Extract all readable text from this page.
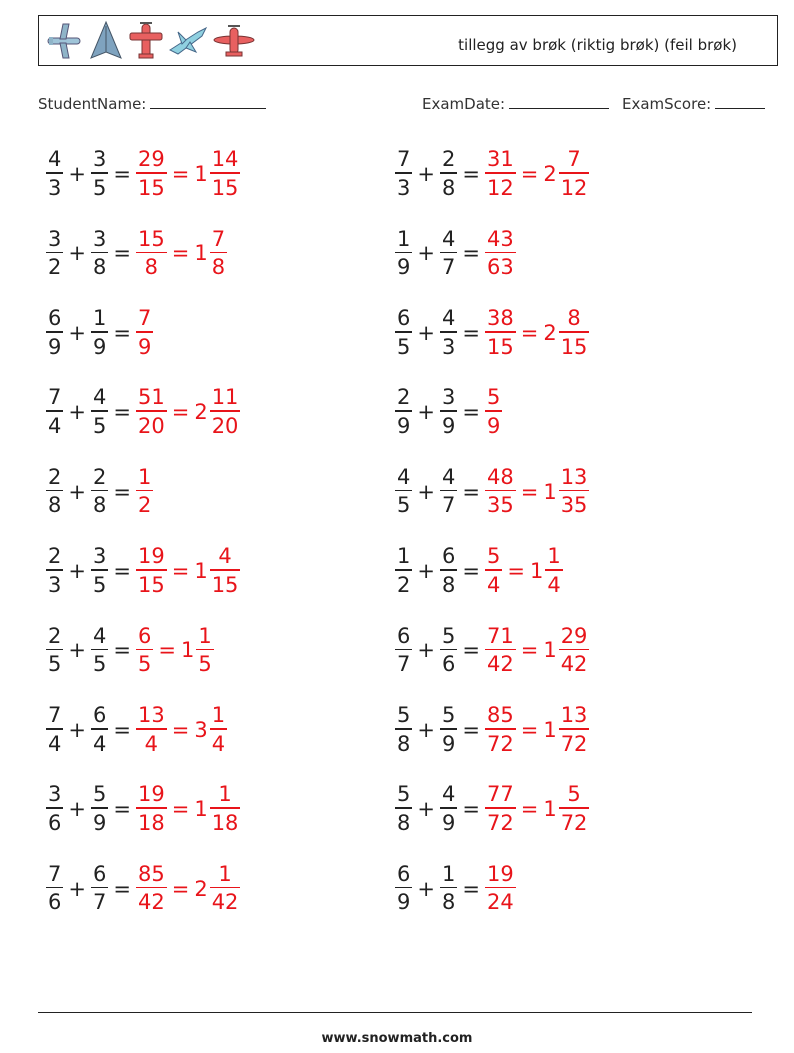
tillegg av brøk (riktig brøk) (feil brøk)
StudentName:	ExamDate:	ExamScore:
$\frac{4}{3} + \frac{3}{5} = \frac{29}{15} = 1 \frac{14}{15}$
$\frac{3}{2} + \frac{3}{8} = \frac{15}{8} = 1 \frac{7}{8}$
$\frac{6}{9} + \frac{1}{9} = \frac{7}{9}$
$\frac{7}{4} + \frac{4}{5} = \frac{51}{20} = 2 \frac{11}{20}$
$\frac{2}{8} + \frac{2}{8} = \frac{1}{2}$
$\frac{2}{3} + \frac{3}{5} = \frac{19}{15} = 1 \frac{4}{15}$
$\frac{2}{5} + \frac{4}{5} = \frac{6}{5} = 1 \frac{1}{5}$
$\frac{7}{4} + \frac{6}{4} = \frac{13}{4} = 3 \frac{1}{4}$
$\frac{3}{6} + \frac{5}{9} = \frac{19}{18} = 1 \frac{1}{18}$
$\frac{7}{6} + \frac{6}{7} = \frac{85}{42} = 2 \frac{1}{42}$
$\frac{7}{3} + \frac{2}{8} = \frac{31}{12} = 2 \frac{7}{12}$
$\frac{1}{9} + \frac{4}{7} = \frac{43}{63}$
$\frac{6}{5} + \frac{4}{3} = \frac{38}{15} = 2 \frac{8}{15}$
$\frac{2}{9} + \frac{3}{9} = \frac{5}{9}$
$\frac{4}{5} + \frac{4}{7} = \frac{48}{35} = 1 \frac{13}{35}$
$\frac{1}{2} + \frac{6}{8} = \frac{5}{4} = 1 \frac{1}{4}$
$\frac{6}{7} + \frac{5}{6} = \frac{71}{42} = 1 \frac{29}{42}$
$\frac{5}{8} + \frac{5}{9} = \frac{85}{72} = 1 \frac{13}{72}$
$\frac{5}{8} + \frac{4}{9} = \frac{77}{72} = 1 \frac{5}{72}$
$\frac{6}{9} + \frac{1}{8} = \frac{19}{24}$
www.snowmath.com
